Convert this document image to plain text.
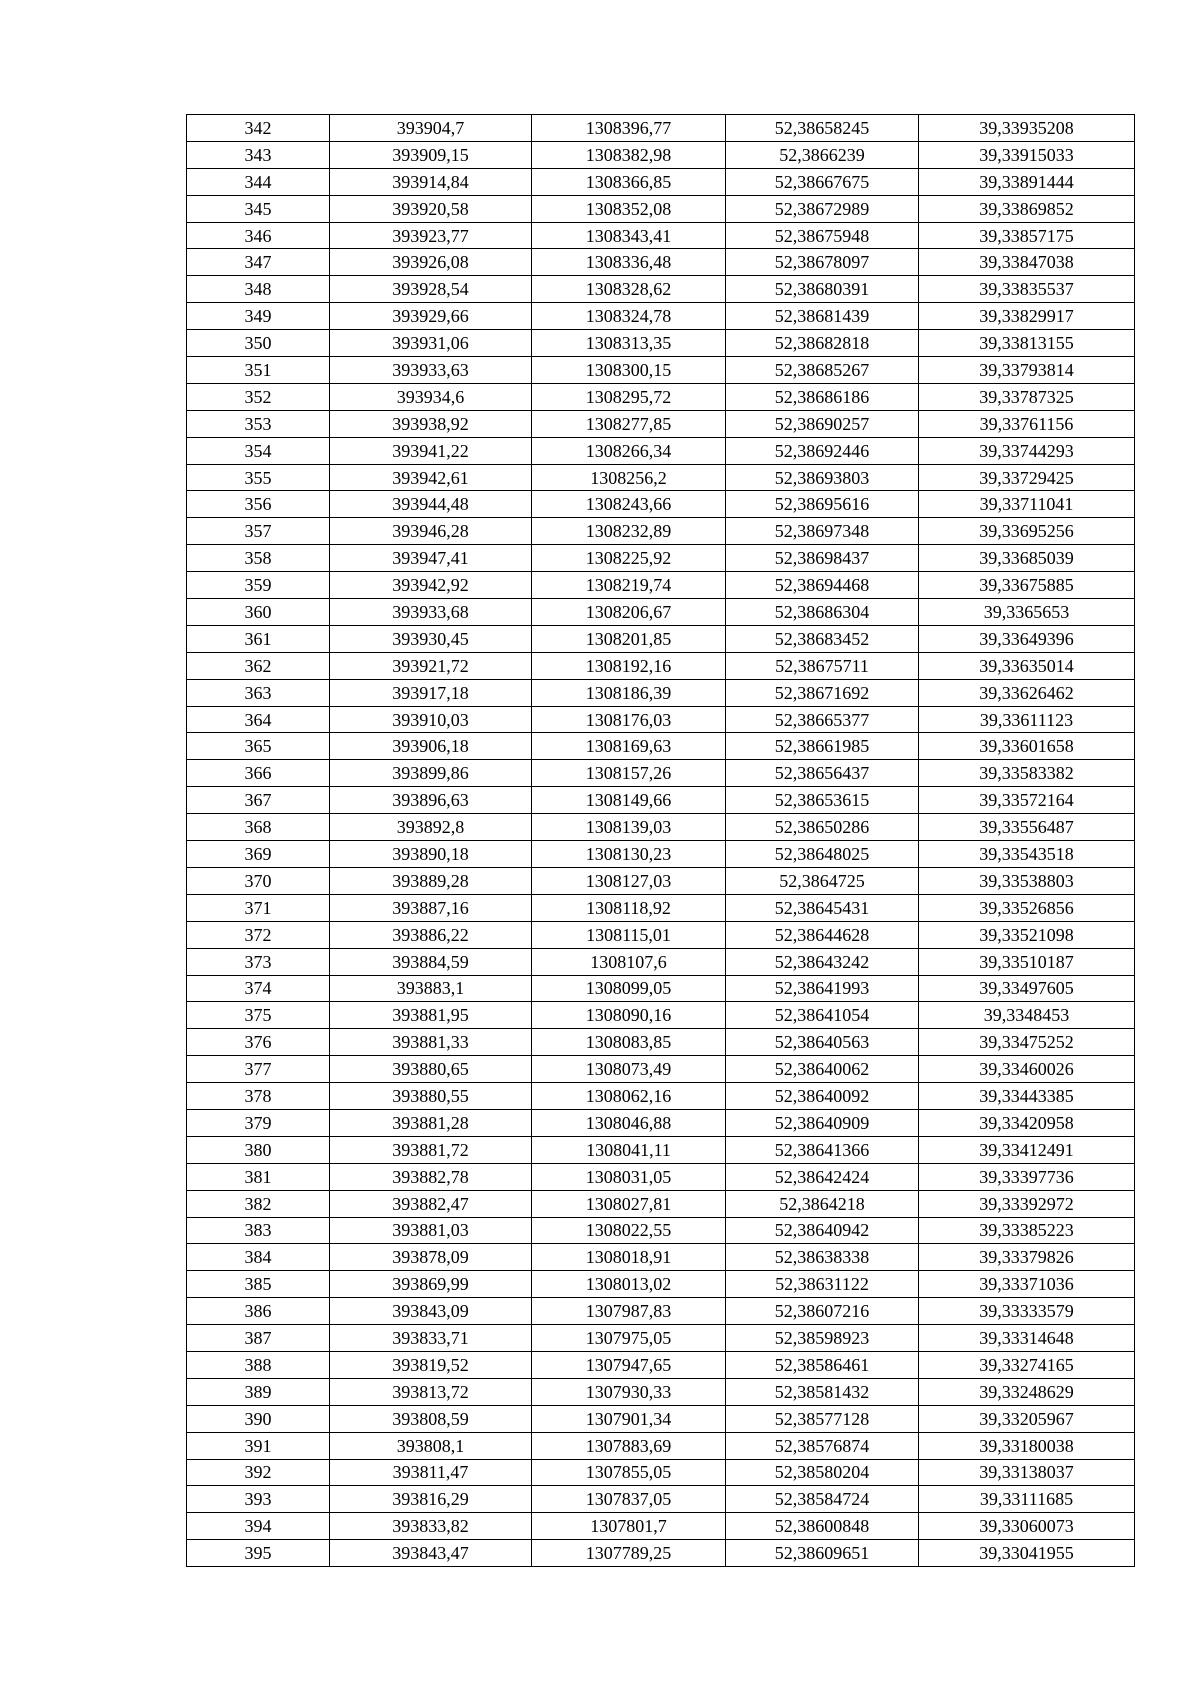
342	393904,7	1308396,77	52,38658245	39,33935208
343	393909,15	1308382,98	52,3866239	39,33915033
344	393914,84	1308366,85	52,38667675	39,33891444
345	393920,58	1308352,08	52,38672989	39,33869852
346	393923,77	1308343,41	52,38675948	39,33857175
347	393926,08	1308336,48	52,38678097	39,33847038
348	393928,54	1308328,62	52,38680391	39,33835537
349	393929,66	1308324,78	52,38681439	39,33829917
350	393931,06	1308313,35	52,38682818	39,33813155
351	393933,63	1308300,15	52,38685267	39,33793814
352	393934,6	1308295,72	52,38686186	39,33787325
353	393938,92	1308277,85	52,38690257	39,33761156
354	393941,22	1308266,34	52,38692446	39,33744293
355	393942,61	1308256,2	52,38693803	39,33729425
356	393944,48	1308243,66	52,38695616	39,33711041
357	393946,28	1308232,89	52,38697348	39,33695256
358	393947,41	1308225,92	52,38698437	39,33685039
359	393942,92	1308219,74	52,38694468	39,33675885
360	393933,68	1308206,67	52,38686304	39,3365653
361	393930,45	1308201,85	52,38683452	39,33649396
362	393921,72	1308192,16	52,38675711	39,33635014
363	393917,18	1308186,39	52,38671692	39,33626462
364	393910,03	1308176,03	52,38665377	39,33611123
365	393906,18	1308169,63	52,38661985	39,33601658
366	393899,86	1308157,26	52,38656437	39,33583382
367	393896,63	1308149,66	52,38653615	39,33572164
368	393892,8	1308139,03	52,38650286	39,33556487
369	393890,18	1308130,23	52,38648025	39,33543518
370	393889,28	1308127,03	52,3864725	39,33538803
371	393887,16	1308118,92	52,38645431	39,33526856
372	393886,22	1308115,01	52,38644628	39,33521098
373	393884,59	1308107,6	52,38643242	39,33510187
374	393883,1	1308099,05	52,38641993	39,33497605
375	393881,95	1308090,16	52,38641054	39,3348453
376	393881,33	1308083,85	52,38640563	39,33475252
377	393880,65	1308073,49	52,38640062	39,33460026
378	393880,55	1308062,16	52,38640092	39,33443385
379	393881,28	1308046,88	52,38640909	39,33420958
380	393881,72	1308041,11	52,38641366	39,33412491
381	393882,78	1308031,05	52,38642424	39,33397736
382	393882,47	1308027,81	52,3864218	39,33392972
383	393881,03	1308022,55	52,38640942	39,33385223
384	393878,09	1308018,91	52,38638338	39,33379826
385	393869,99	1308013,02	52,38631122	39,33371036
386	393843,09	1307987,83	52,38607216	39,33333579
387	393833,71	1307975,05	52,38598923	39,33314648
388	393819,52	1307947,65	52,38586461	39,33274165
389	393813,72	1307930,33	52,38581432	39,33248629
390	393808,59	1307901,34	52,38577128	39,33205967
391	393808,1	1307883,69	52,38576874	39,33180038
392	393811,47	1307855,05	52,38580204	39,33138037
393	393816,29	1307837,05	52,38584724	39,33111685
394	393833,82	1307801,7	52,38600848	39,33060073
395	393843,47	1307789,25	52,38609651	39,33041955
